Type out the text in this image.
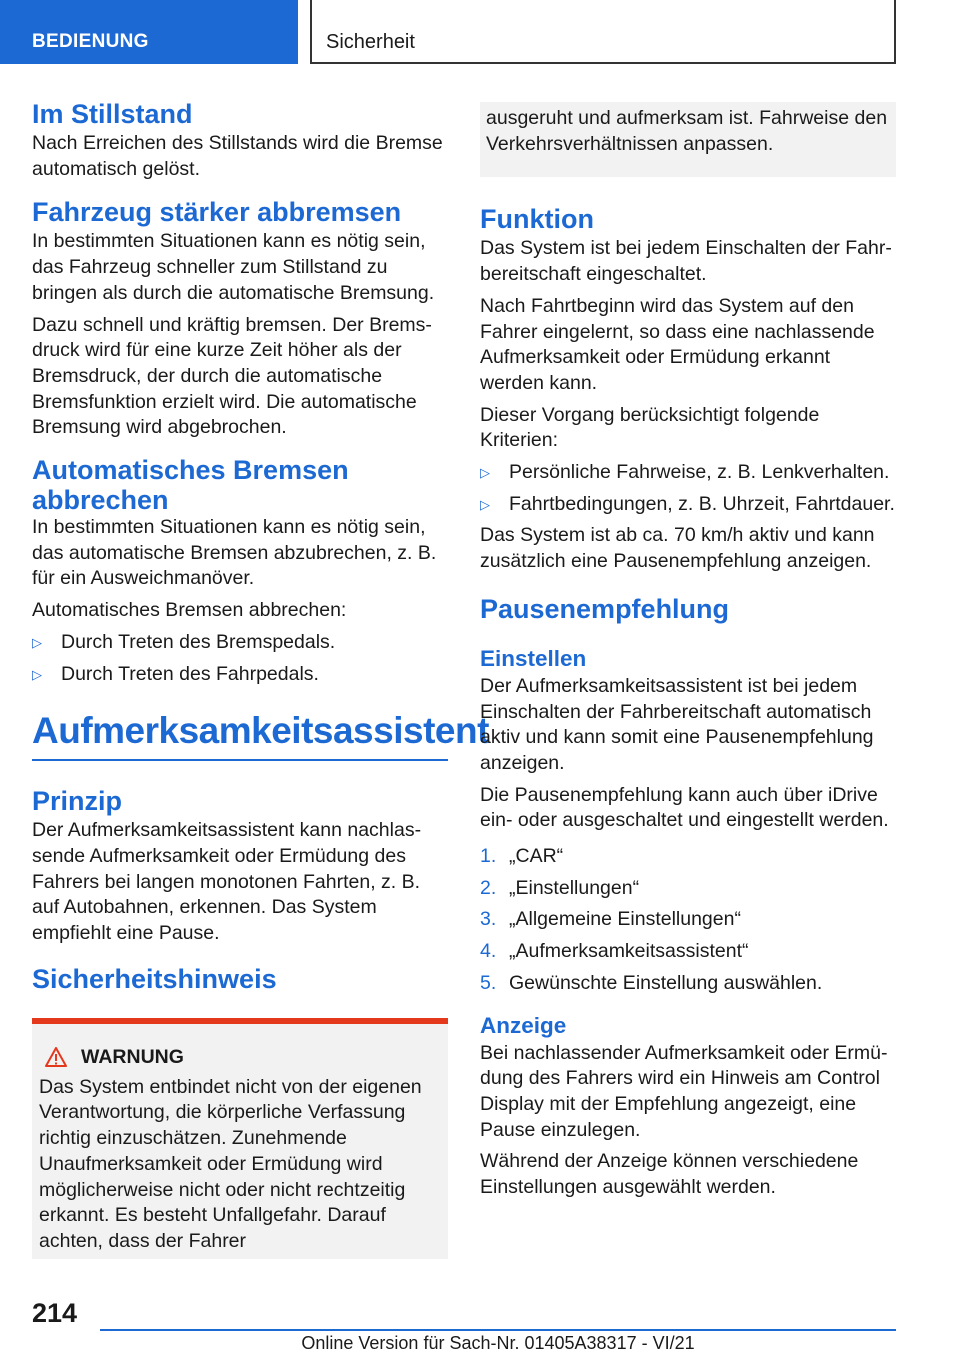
BEDIENUNG	Sicherheit
Im Stillstand

Nach Erreichen des Stillstands wird die Bremse automatisch gelöst.

Fahrzeug stärker abbremsen

In bestimmten Situationen kann es nötig sein, das Fahrzeug schneller zum Stillstand zu bringen als durch die automatische Bremsung.

Dazu schnell und kräftig bremsen. Der Bremsdruck wird für eine kurze Zeit höher als der Bremsdruck, der durch die automatische Bremsfunktion erzielt wird. Die automatische Bremsung wird abgebrochen.

Automatisches Bremsen abbrechen

In bestimmten Situationen kann es nötig sein, das automatische Bremsen abzubrechen, z. B. für ein Ausweichmanöver.

Automatisches Bremsen abbrechen:

▷ Durch Treten des Bremspedals.
▷ Durch Treten des Fahrpedals.
Aufmerksamkeitsassistent
Prinzip

Der Aufmerksamkeitsassistent kann nachlassende Aufmerksamkeit oder Ermüdung des Fahrers bei langen monotonen Fahrten, z. B. auf Autobahnen, erkennen. Das System empfiehlt eine Pause.

Sicherheitshinweis
WARNUNG

Das System entbindet nicht von der eigenen Verantwortung, die körperliche Verfassung richtig einzuschätzen. Zunehmende Unaufmerksamkeit oder Ermüdung wird möglicherweise nicht oder nicht rechtzeitig erkannt. Es besteht Unfallgefahr. Darauf achten, dass der Fahrer

ausgeruht und aufmerksam ist. Fahrweise den Verkehrsverhältnissen anpassen.

Funktion

Das System ist bei jedem Einschalten der Fahrbereitschaft eingeschaltet.

Nach Fahrtbeginn wird das System auf den Fahrer eingelernt, so dass eine nachlassende Aufmerksamkeit oder Ermüdung erkannt werden kann.

Dieser Vorgang berücksichtigt folgende Kriterien:

▷ Persönliche Fahrweise, z. B. Lenkverhalten.
▷ Fahrtbedingungen, z. B. Uhrzeit, Fahrtdauer.

Das System ist ab ca. 70 km/h aktiv und kann zusätzlich eine Pausenempfehlung anzeigen.

Pausenempfehlung
Einstellen

Der Aufmerksamkeitsassistent ist bei jedem Einschalten der Fahrbereitschaft automatisch aktiv und kann somit eine Pausenempfehlung anzeigen.

Die Pausenempfehlung kann auch über iDrive ein- oder ausgeschaltet und eingestellt werden.

1. „CAR“
2. „Einstellungen“
3. „Allgemeine Einstellungen“
4. „Aufmerksamkeitsassistent“
5. Gewünschte Einstellung auswählen.
Anzeige

Bei nachlassender Aufmerksamkeit oder Ermüdung des Fahrers wird ein Hinweis am Control Display mit der Empfehlung angezeigt, eine Pause einzulegen.

Während der Anzeige können verschiedene Einstellungen ausgewählt werden.

214
Online Version für Sach-Nr. 01405A38317 - VI/21
